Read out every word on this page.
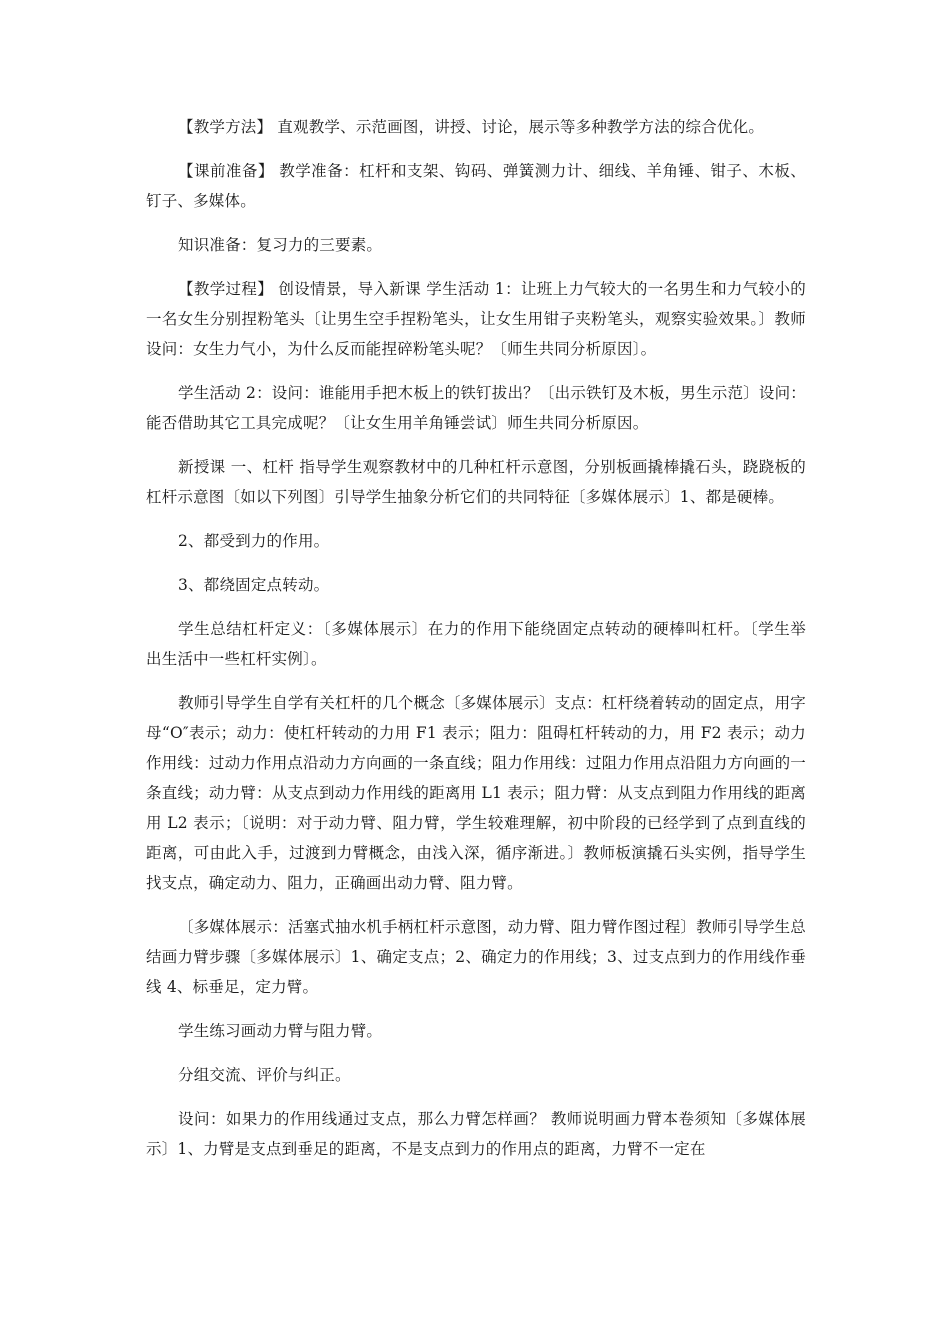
【教学方法】 直观教学、示范画图，讲授、讨论，展示等多种教学方法的综合优化。

【课前准备】 教学准备：杠杆和支架、钩码、弹簧测力计、细线、羊角锤、钳子、木板、钉子、多媒体。

知识准备：复习力的三要素。

【教学过程】 创设情景，导入新课 学生活动 1：让班上力气较大的一名男生和力气较小的一名女生分别捏粉笔头〔让男生空手捏粉笔头，让女生用钳子夹粉笔头，观察实验效果。〕教师设问：女生力气小，为什么反而能捏碎粉笔头呢？〔师生共同分析原因〕。

学生活动 2：设问：谁能用手把木板上的铁钉拔出？〔出示铁钉及木板，男生示范〕设问：能否借助其它工具完成呢？〔让女生用羊角锤尝试〕师生共同分析原因。

新授课 一、杠杆 指导学生观察教材中的几种杠杆示意图，分别板画撬棒撬石头，跷跷板的杠杆示意图〔如以下列图〕引导学生抽象分析它们的共同特征〔多媒体展示〕1、都是硬棒。

2、都受到力的作用。

3、都绕固定点转动。

学生总结杠杆定义：〔多媒体展示〕在力的作用下能绕固定点转动的硬棒叫杠杆。〔学生举出生活中一些杠杆实例〕。

教师引导学生自学有关杠杆的几个概念〔多媒体展示〕支点：杠杆绕着转动的固定点，用字母“O″表示；动力：使杠杆转动的力用 F1 表示；阻力：阻碍杠杆转动的力，用 F2 表示；动力作用线：过动力作用点沿动力方向画的一条直线；阻力作用线：过阻力作用点沿阻力方向画的一条直线；动力臂：从支点到动力作用线的距离用 L1 表示；阻力臂：从支点到阻力作用线的距离用 L2 表示；〔说明：对于动力臂、阻力臂，学生较难理解，初中阶段的已经学到了点到直线的距离，可由此入手，过渡到力臂概念，由浅入深，循序渐进。〕教师板演撬石头实例，指导学生找支点，确定动力、阻力，正确画出动力臂、阻力臂。

〔多媒体展示：活塞式抽水机手柄杠杆示意图，动力臂、阻力臂作图过程〕教师引导学生总结画力臂步骤〔多媒体展示〕1、确定支点；2、确定力的作用线；3、过支点到力的作用线作垂线 4、标垂足，定力臂。

学生练习画动力臂与阻力臂。

分组交流、评价与纠正。

设问：如果力的作用线通过支点，那么力臂怎样画？ 教师说明画力臂本卷须知〔多媒体展示〕1、力臂是支点到垂足的距离，不是支点到力的作用点的距离，力臂不一定在
